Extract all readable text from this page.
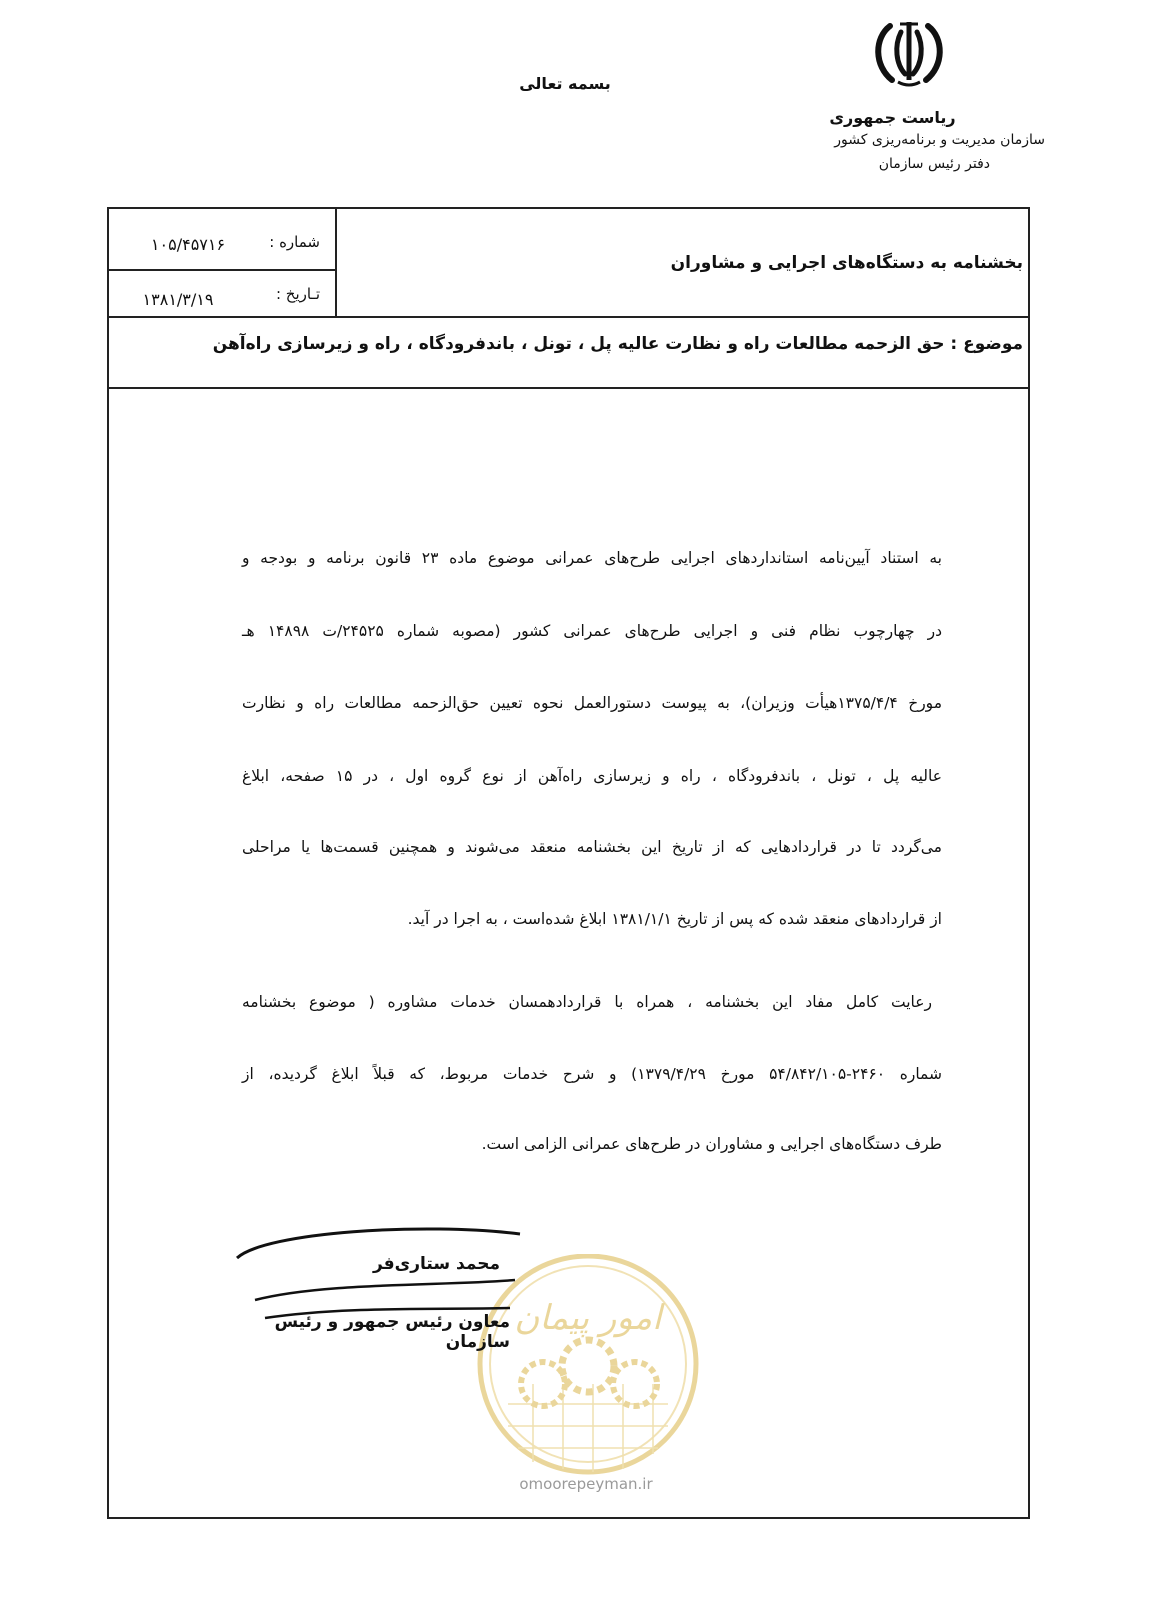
بسمه تعالی
ریاست جمهوری
سازمان مدیریت و برنامه‌ریزی کشور
دفتر رئیس سازمان
شماره :
۱۰۵/۴۵۷۱۶
تـاریخ :
۱۳۸۱/۳/۱۹
بخشنامه به دستگاه‌های اجرایی و مشاوران
موضوع : حق الزحمه مطالعات راه و نظارت عالیه پل ، تونل ، باندفرودگاه ، راه و زیرسازی راه‌آهن
به استناد آیین‌نامه استانداردهای اجرایی طرح‌های عمرانی موضوع ماده ۲۳ قانون برنامه و بودجه و
در چهارچوب نظام فنی و اجرایی طرح‌های عمرانی کشور (مصوبه شماره ۲۴۵۲۵/ت ۱۴۸۹۸ هـ
مورخ ۱۳۷۵/۴/۴هیأت وزیران)، به پیوست دستورالعمل نحوه تعیین حق‌الزحمه مطالعات راه و نظارت
عالیه پل ، تونل ، باندفرودگاه ، راه و زیرسازی راه‌آهن از نوع گروه اول ، در ۱۵ صفحه، ابلاغ
می‌گردد تا در قراردادهایی که از تاریخ این بخشنامه منعقد می‌شوند و همچنین قسمت‌ها یا مراحلی
از قراردادهای منعقد شده که پس از تاریخ ۱۳۸۱/۱/۱ ابلاغ شده‌است ، به اجرا در آید.
رعایت کامل مفاد این بخشنامه ، همراه با قراردادهمسان خدمات مشاوره ( موضوع بخشنامه
شماره ۲۴۶۰-۵۴/۸۴۲/۱۰۵ مورخ ۱۳۷۹/۴/۲۹) و شرح خدمات مربوط، که قبلاً ابلاغ گردیده، از
طرف دستگاه‌های اجرایی و مشاوران در طرح‌های عمرانی الزامی است.
امور پیمان
omoorepeyman.ir
محمد ستاری‌فر
معاون رئیس جمهور و رئیس سازمان
